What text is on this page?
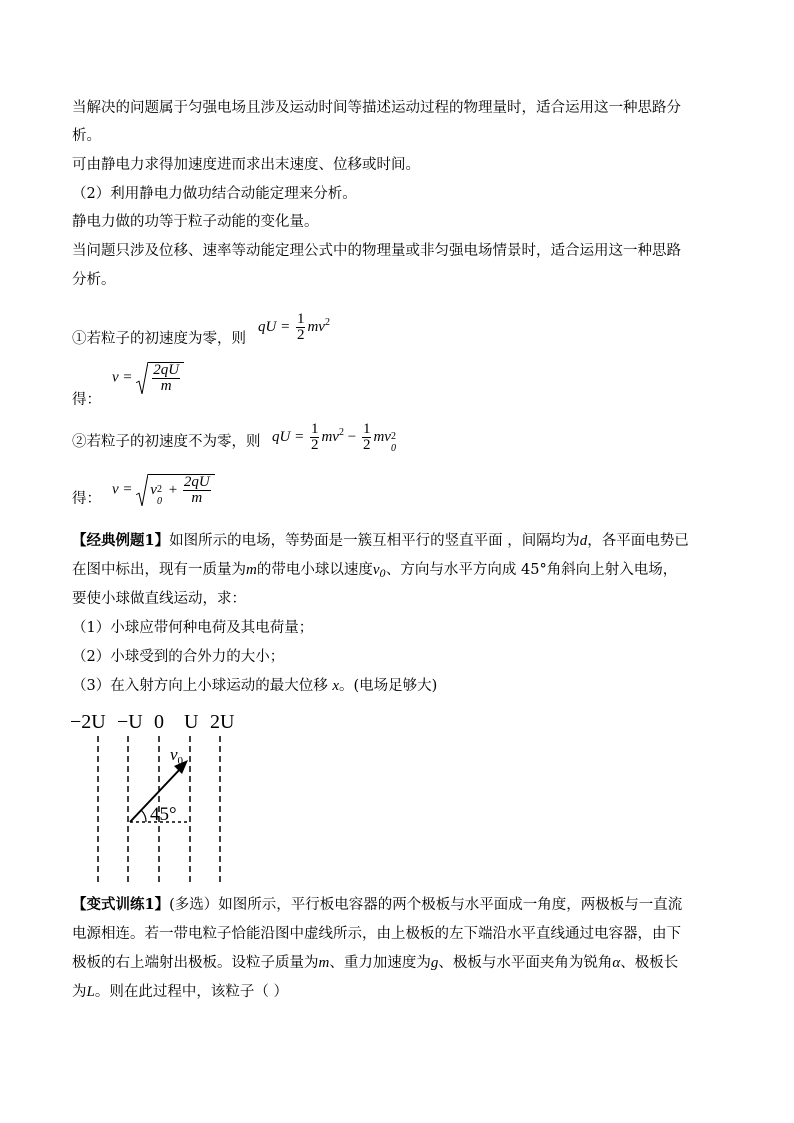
当解决的问题属于匀强电场且涉及运动时间等描述运动过程的物理量时，适合运用这一种思路分
析。
可由静电力求得加速度进而求出末速度、位移或时间。
（2）利用静电力做功结合动能定理来分析。
静电力做的功等于粒子动能的变化量。
当问题只涉及位移、速率等动能定理公式中的物理量或非匀强电场情景时，适合运用这一种思路
分析。
①若粒子的初速度为零，则
qU = $\frac{1}{2} mv^2$
得：
$v = \frac{2qU}{m}$
②若粒子的初速度不为零，则 qU = $\frac{1}{2} mv^2 - \frac{1}{2}$ mv 2
0
得：
v = v 2
0
+ $\frac{2qU}{m}$
【经典例题1】如图所示的电场，等势面是一簇互相平行的竖直平面 ，间隔均为d，各平面电势已
在图中标出，现有一质量为m的带电小球以速度$v_0$、方向与水平方向成 45°角斜向上射入电场，
要使小球做直线运动，求：
（1）小球应带何种电荷及其电荷量；
（2）小球受到的合外力的大小；
（3）在入射方向上小球运动的最大位移 x。(电场足够大)
−2U −U 0 U 2U
$v_0$
45°
【变式训练1】(多选）如图所示，平行板电容器的两个极板与水平面成一角度，两极板与一直流
电源相连。若一带电粒子恰能沿图中虚线所示，由上极板的左下端沿水平直线通过电容器，由下
极板的右上端射出极板。设粒子质量为m、重力加速度为g、极板与水平面夹角为锐角α、极板长
为L。则在此过程中，该粒子（ ）
